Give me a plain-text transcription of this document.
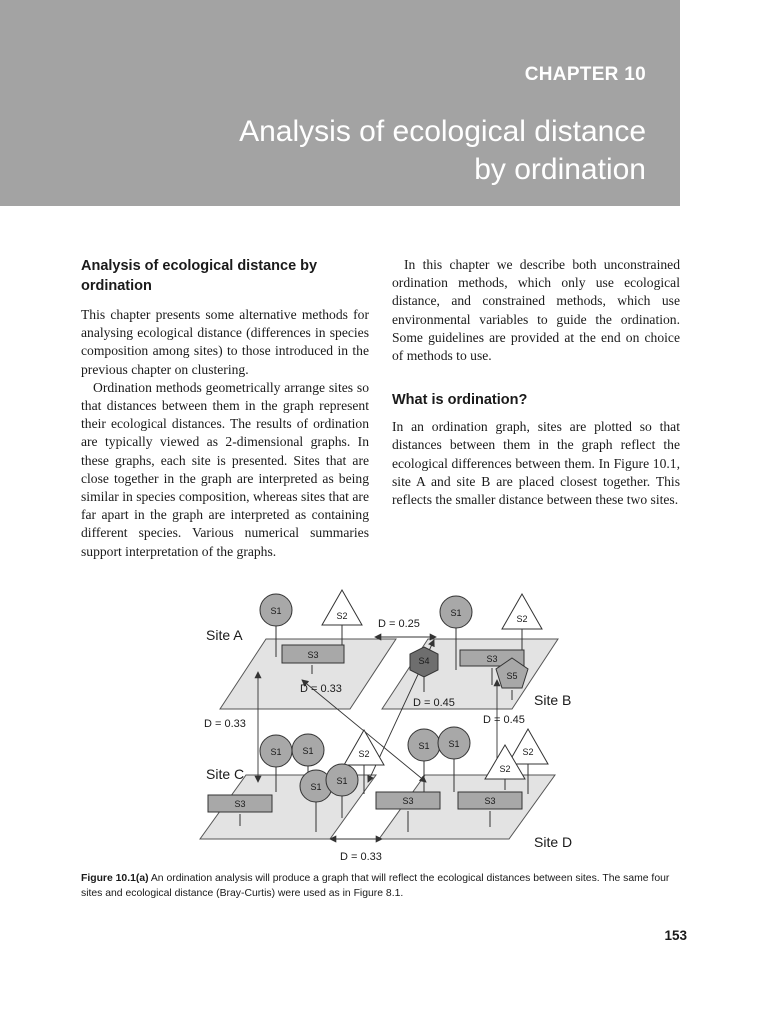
CHAPTER 10
Analysis of ecological distance
by ordination
Analysis of ecological distance by ordination

This chapter presents some alternative methods for analysing ecological distance (differences in species composition among sites) to those introduced in the previous chapter on clustering.

Ordination methods geometrically arrange sites so that distances between them in the graph represent their ecological distances. The results of ordination are typically viewed as 2-dimensional graphs. In these graphs, each site is presented. Sites that are close together in the graph are interpreted as being similar in species composition, whereas sites that are far apart in the graph are interpreted as containing different species. Various numerical summaries support interpretation of the graphs.

In this chapter we describe both unconstrained ordination methods, which only use ecological distance, and constrained methods, which use environmental variables to guide the ordination. Some guidelines are provided at the end on choice of methods to use.

What is ordination?

In an ordination graph, sites are plotted so that distances between them in the graph reflect the ecological differences between them. In Figure 10.1, site A and site B are placed closest together. This reflects the smaller distance between these two sites.

S1	S2
S3
S1
S2
S4	S3
S5
S1 S1	S2
S1
S1
S3
S1 S1
S2
S2
S3	S3
Site A
Site B
Site C
Site D
D = 0.25
D = 0.33
D = 0.33
D = 0.45
D = 0.45
D = 0.33
Figure 10.1(a) An ordination analysis will produce a graph that will reflect the ecological distances between sites. The same four sites and ecological distance (Bray-Curtis) were used as in Figure 8.1.
153
